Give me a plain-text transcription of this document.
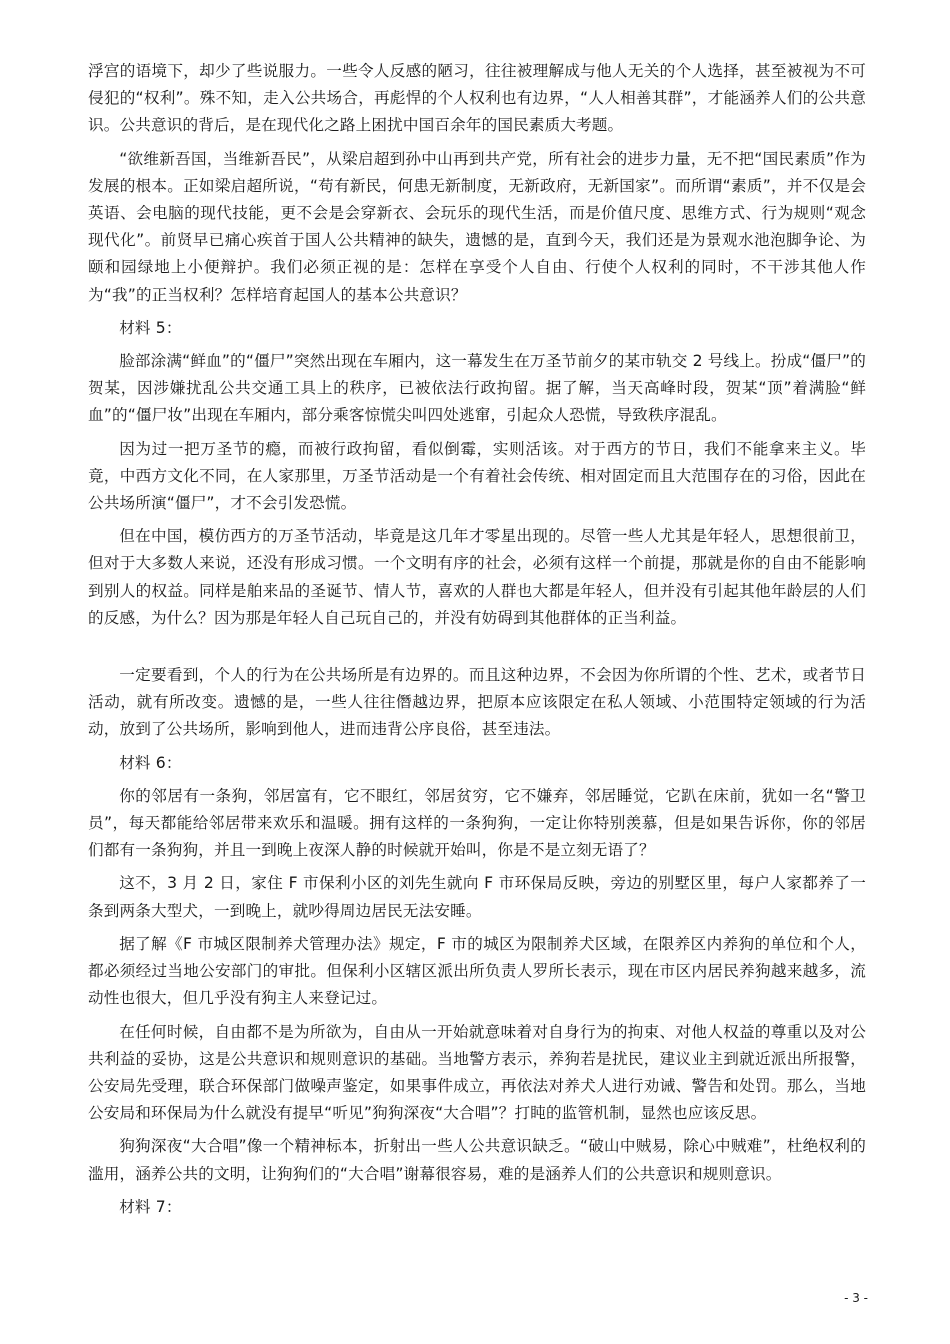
浮宫的语境下，却少了些说服力。一些令人反感的陋习，往往被理解成与他人无关的个人选择，甚至被视为不可侵犯的“权利”。殊不知，走入公共场合，再彪悍的个人权利也有边界，“人人相善其群”，才能涵养人们的公共意识。公共意识的背后，是在现代化之路上困扰中国百余年的国民素质大考题。

“欲维新吾国，当维新吾民”，从梁启超到孙中山再到共产党，所有社会的进步力量，无不把“国民素质”作为发展的根本。正如梁启超所说，“苟有新民，何患无新制度，无新政府，无新国家”。而所谓“素质”，并不仅是会英语、会电脑的现代技能，更不会是会穿新衣、会玩乐的现代生活，而是价值尺度、思维方式、行为规则“观念现代化”。前贤早已痛心疾首于国人公共精神的缺失，遗憾的是，直到今天，我们还是为景观水池泡脚争论、为颐和园绿地上小便辩护。我们必须正视的是：怎样在享受个人自由、行使个人权利的同时，不干涉其他人作为“我”的正当权利？怎样培育起国人的基本公共意识？

材料 5：

脸部涂满“鲜血”的“僵尸”突然出现在车厢内，这一幕发生在万圣节前夕的某市轨交 2 号线上。扮成“僵尸”的贺某，因涉嫌扰乱公共交通工具上的秩序，已被依法行政拘留。据了解，当天高峰时段，贺某“顶”着满脸“鲜血”的“僵尸妆”出现在车厢内，部分乘客惊慌尖叫四处逃窜，引起众人恐慌，导致秩序混乱。

因为过一把万圣节的瘾，而被行政拘留，看似倒霉，实则活该。对于西方的节日，我们不能拿来主义。毕竟，中西方文化不同，在人家那里，万圣节活动是一个有着社会传统、相对固定而且大范围存在的习俗，因此在公共场所演“僵尸”，才不会引发恐慌。

但在中国，模仿西方的万圣节活动，毕竟是这几年才零星出现的。尽管一些人尤其是年轻人，思想很前卫，但对于大多数人来说，还没有形成习惯。一个文明有序的社会，必须有这样一个前提，那就是你的自由不能影响到别人的权益。同样是舶来品的圣诞节、情人节，喜欢的人群也大都是年轻人，但并没有引起其他年龄层的人们的反感，为什么？因为那是年轻人自己玩自己的，并没有妨碍到其他群体的正当利益。

一定要看到，个人的行为在公共场所是有边界的。而且这种边界，不会因为你所谓的个性、艺术，或者节日活动，就有所改变。遗憾的是，一些人往往僭越边界，把原本应该限定在私人领域、小范围特定领域的行为活动，放到了公共场所，影响到他人，进而违背公序良俗，甚至违法。

材料 6：

你的邻居有一条狗，邻居富有，它不眼红，邻居贫穷，它不嫌弃，邻居睡觉，它趴在床前，犹如一名“警卫员”，每天都能给邻居带来欢乐和温暖。拥有这样的一条狗狗，一定让你特别羡慕，但是如果告诉你，你的邻居们都有一条狗狗，并且一到晚上夜深人静的时候就开始叫，你是不是立刻无语了？

这不，3 月 2 日，家住 F 市保利小区的刘先生就向 F 市环保局反映，旁边的别墅区里，每户人家都养了一条到两条大型犬，一到晚上，就吵得周边居民无法安睡。

据了解《F 市城区限制养犬管理办法》规定，F 市的城区为限制养犬区域，在限养区内养狗的单位和个人，都必须经过当地公安部门的审批。但保利小区辖区派出所负责人罗所长表示，现在市区内居民养狗越来越多，流动性也很大，但几乎没有狗主人来登记过。

在任何时候，自由都不是为所欲为，自由从一开始就意味着对自身行为的拘束、对他人权益的尊重以及对公共利益的妥协，这是公共意识和规则意识的基础。当地警方表示，养狗若是扰民，建议业主到就近派出所报警，公安局先受理，联合环保部门做噪声鉴定，如果事件成立，再依法对养犬人进行劝诫、警告和处罚。那么，当地公安局和环保局为什么就没有提早“听见”狗狗深夜“大合唱”？打盹的监管机制，显然也应该反思。

狗狗深夜“大合唱”像一个精神标本，折射出一些人公共意识缺乏。“破山中贼易，除心中贼难”，杜绝权利的滥用，涵养公共的文明，让狗狗们的“大合唱”谢幕很容易，难的是涵养人们的公共意识和规则意识。

材料 7：

- 3 -
